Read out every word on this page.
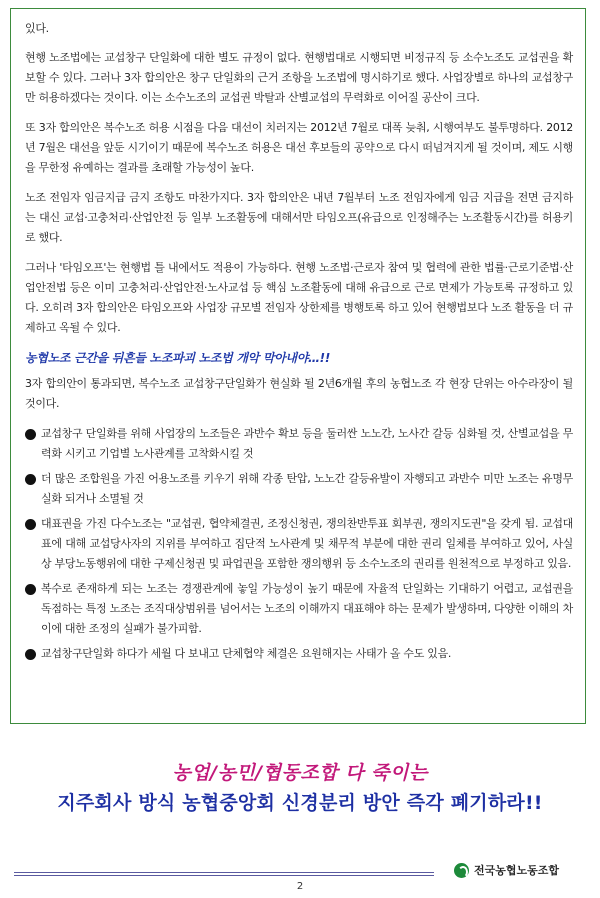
있다.

현행 노조법에는 교섭창구 단일화에 대한 별도 규정이 없다. 현행법대로 시행되면 비정규직 등 소수노조도 교섭권을 확보할 수 있다. 그러나 3자 합의안은 창구 단일화의 근거 조항을 노조법에 명시하기로 했다. 사업장별로 하나의 교섭창구만 허용하겠다는 것이다. 이는 소수노조의 교섭권 박탈과 산별교섭의 무력화로 이어질 공산이 크다.

또 3자 합의안은 복수노조 허용 시점을 다음 대선이 치러지는 2012년 7월로 대폭 늦춰, 시행여부도 불투명하다. 2012년 7월은 대선을 앞둔 시기이기 때문에 복수노조 허용은 대선 후보들의 공약으로 다시 떠넘겨지게 될 것이며, 제도 시행을 무한정 유예하는 결과를 초래할 가능성이 높다.

노조 전임자 임금지급 금지 조항도 마찬가지다. 3자 합의안은 내년 7월부터 노조 전임자에게 임금 지급을 전면 금지하는 대신 교섭·고충처리·산업안전 등 일부 노조활동에 대해서만 타임오프(유급으로 인정해주는 노조활동시간)를 허용키로 했다.

그러나 '타임오프'는 현행법 틀 내에서도 적용이 가능하다. 현행 노조법·근로자 참여 및 협력에 관한 법률·근로기준법·산업안전법 등은 이미 고충처리·산업안전·노사교섭 등 핵심 노조활동에 대해 유급으로 근로 면제가 가능토록 규정하고 있다. 오히려 3자 합의안은 타임오프와 사업장 규모별 전임자 상한제를 병행토록 하고 있어 현행법보다 노조 활동을 더 규제하고 옥될 수 있다.

농협노조 근간을 뒤흔들 노조파괴 노조법 개악 막아내야…!!

3자 합의안이 통과되면, 복수노조 교섭창구단일화가 현실화 될 2년6개월 후의 농협노조 각 현장 단위는 아수라장이 될 것이다.

교섭창구 단일화를 위해 사업장의 노조들은 과반수 확보 등을 둘러싼 노노간, 노사간 갈등 심화될 것, 산별교섭을 무력화 시키고 기업별 노사관계를 고착화시킬 것
더 많은 조합원을 가진 어용노조를 키우기 위해 각종 탄압, 노노간 갈등유발이 자행되고 과반수 미만 노조는 유명무실화 되거나 소멸될 것
대표권을 가진 다수노조는 "교섭권, 협약체결권, 조정신청권, 쟁의찬반투표 회부권, 쟁의지도권"을 갖게 됨. 교섭대표에 대해 교섭당사자의 지위를 부여하고 집단적 노사관계 및 채무적 부분에 대한 권리 일체를 부여하고 있어, 사실상 부당노동행위에 대한 구제신청권 및 파업권을 포함한 쟁의행위 등 소수노조의 권리를 원천적으로 부정하고 있음.
복수로 존재하게 되는 노조는 경쟁관계에 놓일 가능성이 높기 때문에 자율적 단일화는 기대하기 어렵고, 교섭권을 독점하는 특정 노조는 조직대상범위를 넘어서는 노조의 이해까지 대표해야 하는 문제가 발생하며, 다양한 이해의 차이에 대한 조정의 실패가 불가피함.
교섭창구단일화 하다가 세월 다 보내고 단체협약 체결은 요원해지는 사태가 올 수도 있음.
농업/농민/협동조합 다 죽이는
지주회사 방식 농협중앙회 신경분리 방안 즉각 폐기하라!!
전국농협노동조합
2
